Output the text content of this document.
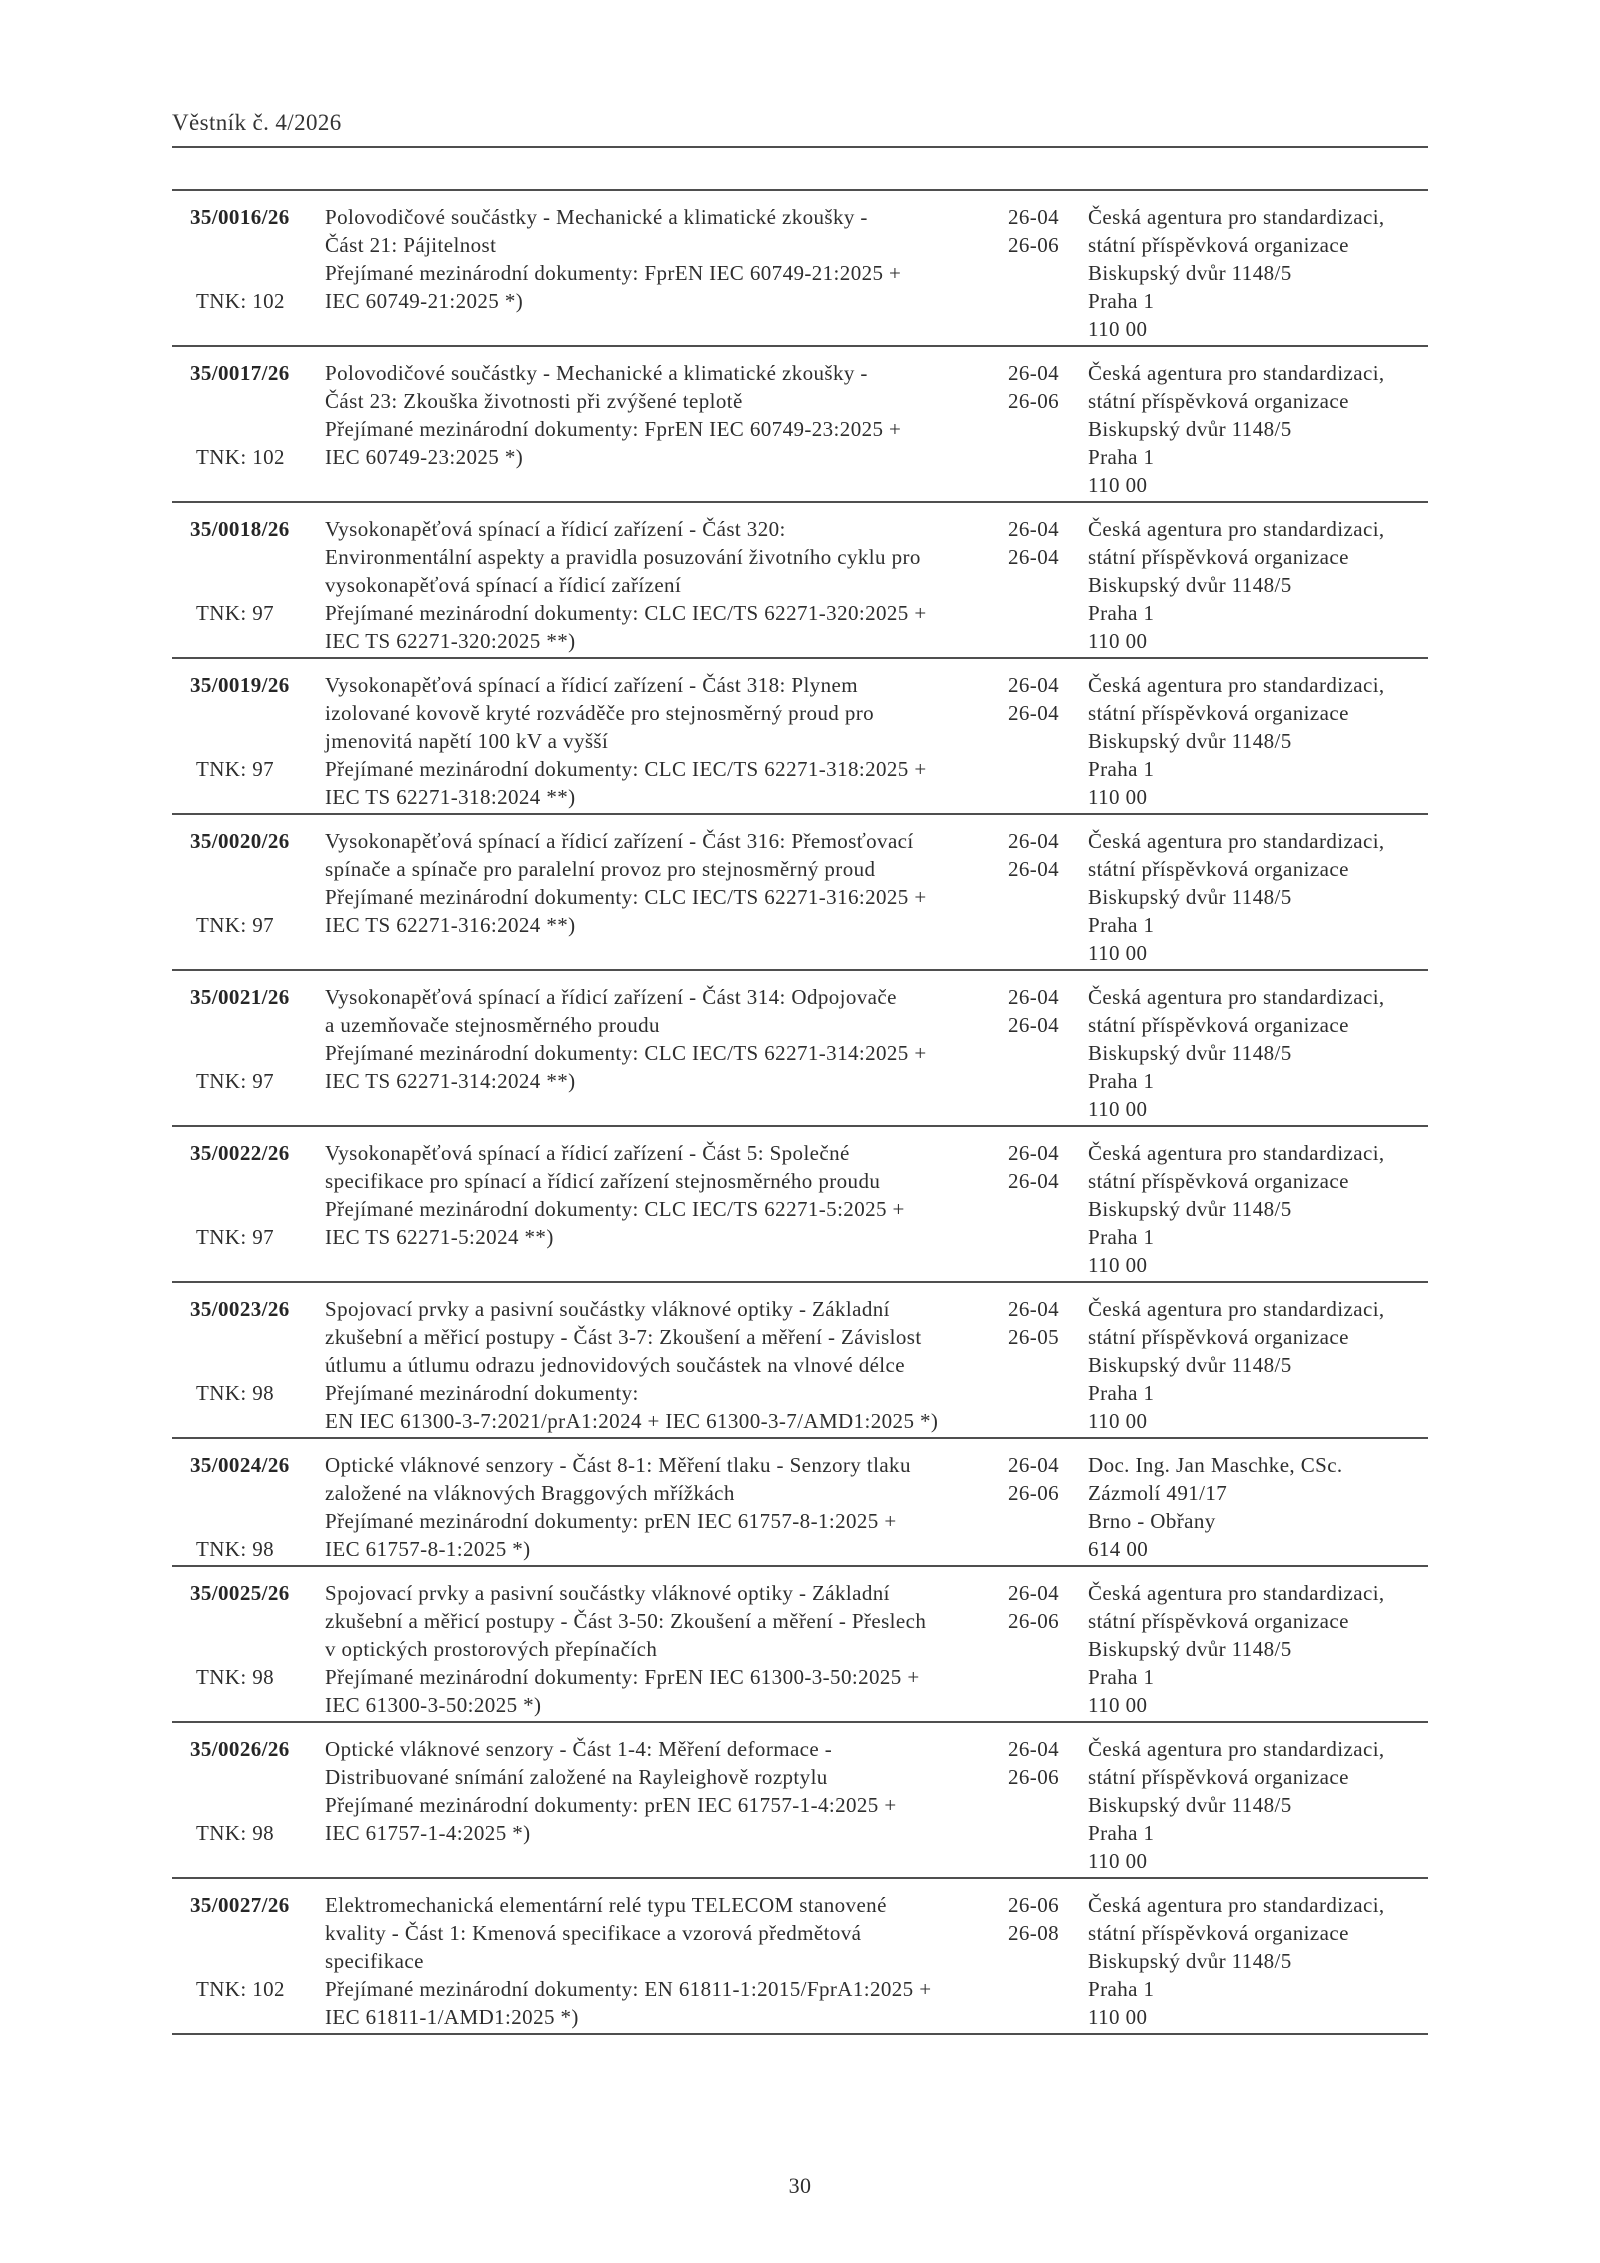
Věstník č. 4/2026
35/0016/26
TNK: 102
Polovodičové součástky - Mechanické a klimatické zkoušky -
Část 21: Pájitelnost
Přejímané mezinárodní dokumenty: FprEN IEC 60749-21:2025 +
IEC 60749-21:2025 *)
26-04
26-06
Česká agentura pro standardizaci,
státní příspěvková organizace
Biskupský dvůr 1148/5
Praha 1
110 00
35/0017/26
TNK: 102
Polovodičové součástky - Mechanické a klimatické zkoušky -
Část 23: Zkouška životnosti při zvýšené teplotě
Přejímané mezinárodní dokumenty: FprEN IEC 60749-23:2025 +
IEC 60749-23:2025 *)
26-04
26-06
Česká agentura pro standardizaci,
státní příspěvková organizace
Biskupský dvůr 1148/5
Praha 1
110 00
35/0018/26
TNK: 97
Vysokonapěťová spínací a řídicí zařízení - Část 320:
Environmentální aspekty a pravidla posuzování životního cyklu pro
vysokonapěťová spínací a řídicí zařízení
Přejímané mezinárodní dokumenty: CLC IEC/TS 62271-320:2025 +
IEC TS 62271-320:2025 **)
26-04
26-04
Česká agentura pro standardizaci,
státní příspěvková organizace
Biskupský dvůr 1148/5
Praha 1
110 00
35/0019/26
TNK: 97
Vysokonapěťová spínací a řídicí zařízení - Část 318: Plynem
izolované kovově kryté rozváděče pro stejnosměrný proud pro
jmenovitá napětí 100 kV a vyšší
Přejímané mezinárodní dokumenty: CLC IEC/TS 62271-318:2025 +
IEC TS 62271-318:2024 **)
26-04
26-04
Česká agentura pro standardizaci,
státní příspěvková organizace
Biskupský dvůr 1148/5
Praha 1
110 00
35/0020/26
TNK: 97
Vysokonapěťová spínací a řídicí zařízení - Část 316: Přemosťovací
spínače a spínače pro paralelní provoz pro stejnosměrný proud
Přejímané mezinárodní dokumenty: CLC IEC/TS 62271-316:2025 +
IEC TS 62271-316:2024 **)
26-04
26-04
Česká agentura pro standardizaci,
státní příspěvková organizace
Biskupský dvůr 1148/5
Praha 1
110 00
35/0021/26
TNK: 97
Vysokonapěťová spínací a řídicí zařízení - Část 314: Odpojovače
a uzemňovače stejnosměrného proudu
Přejímané mezinárodní dokumenty: CLC IEC/TS 62271-314:2025 +
IEC TS 62271-314:2024 **)
26-04
26-04
Česká agentura pro standardizaci,
státní příspěvková organizace
Biskupský dvůr 1148/5
Praha 1
110 00
35/0022/26
TNK: 97
Vysokonapěťová spínací a řídicí zařízení - Část 5: Společné
specifikace pro spínací a řídicí zařízení stejnosměrného proudu
Přejímané mezinárodní dokumenty: CLC IEC/TS 62271-5:2025 +
IEC TS 62271-5:2024 **)
26-04
26-04
Česká agentura pro standardizaci,
státní příspěvková organizace
Biskupský dvůr 1148/5
Praha 1
110 00
35/0023/26
TNK: 98
Spojovací prvky a pasivní součástky vláknové optiky - Základní
zkušební a měřicí postupy - Část 3-7: Zkoušení a měření - Závislost
útlumu a útlumu odrazu jednovidových součástek na vlnové délce
Přejímané mezinárodní dokumenty:
EN IEC 61300-3-7:2021/prA1:2024 + IEC 61300-3-7/AMD1:2025 *)
26-04
26-05
Česká agentura pro standardizaci,
státní příspěvková organizace
Biskupský dvůr 1148/5
Praha 1
110 00
35/0024/26
TNK: 98
Optické vláknové senzory - Část 8-1: Měření tlaku - Senzory tlaku
založené na vláknových Braggových mřížkách
Přejímané mezinárodní dokumenty: prEN IEC 61757-8-1:2025 +
IEC 61757-8-1:2025 *)
26-04
26-06
Doc. Ing. Jan Maschke, CSc.
Zázmolí 491/17
Brno - Obřany
614 00
35/0025/26
TNK: 98
Spojovací prvky a pasivní součástky vláknové optiky - Základní
zkušební a měřicí postupy - Část 3-50: Zkoušení a měření - Přeslech
v optických prostorových přepínačích
Přejímané mezinárodní dokumenty: FprEN IEC 61300-3-50:2025 +
IEC 61300-3-50:2025 *)
26-04
26-06
Česká agentura pro standardizaci,
státní příspěvková organizace
Biskupský dvůr 1148/5
Praha 1
110 00
35/0026/26
TNK: 98
Optické vláknové senzory - Část 1-4: Měření deformace -
Distribuované snímání založené na Rayleighově rozptylu
Přejímané mezinárodní dokumenty: prEN IEC 61757-1-4:2025 +
IEC 61757-1-4:2025 *)
26-04
26-06
Česká agentura pro standardizaci,
státní příspěvková organizace
Biskupský dvůr 1148/5
Praha 1
110 00
35/0027/26
TNK: 102
Elektromechanická elementární relé typu TELECOM stanovené
kvality - Část 1: Kmenová specifikace a vzorová předmětová
specifikace
Přejímané mezinárodní dokumenty: EN 61811-1:2015/FprA1:2025 +
IEC 61811-1/AMD1:2025 *)
26-06
26-08
Česká agentura pro standardizaci,
státní příspěvková organizace
Biskupský dvůr 1148/5
Praha 1
110 00
30
